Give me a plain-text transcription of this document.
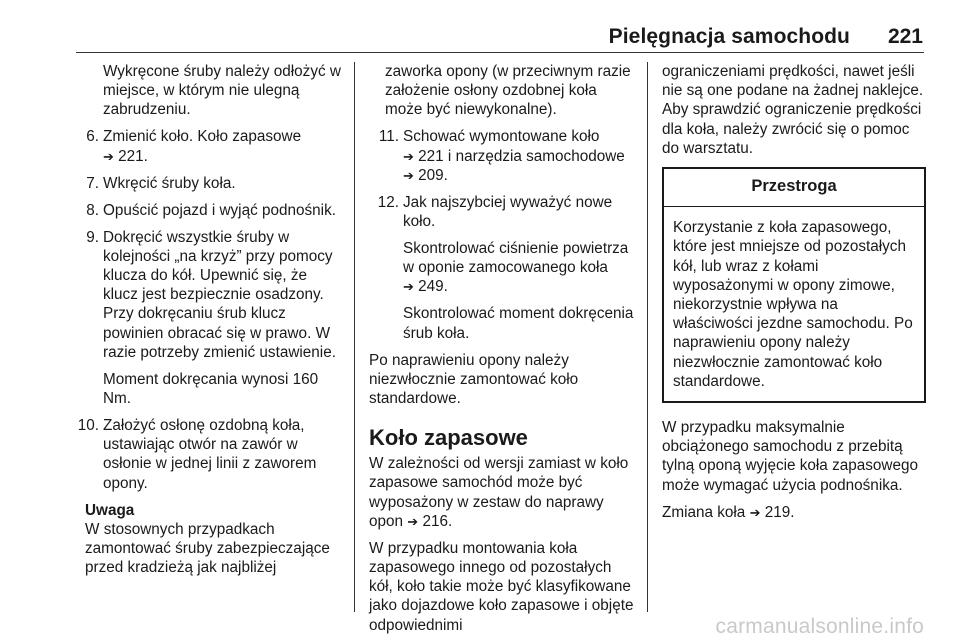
Pielęgnacja samochodu 221

Wykręcone śruby należy odłożyć w miejsce, w którym nie ulegną zabrudzeniu.

6. Zmienić koło. Koło zapasowe
➔ 221.
7. Wkręcić śruby koła.
8. Opuścić pojazd i wyjąć podnośnik.
9. Dokręcić wszystkie śruby w kolejności „na krzyż” przy pomocy klucza do kół. Upewnić się, że klucz jest bezpiecznie osadzony. Przy dokręcaniu śrub klucz powinien obracać się w prawo. W razie potrzeby zmienić ustawienie.

Moment dokręcania wynosi 160 Nm.

10. Założyć osłonę ozdobną koła, ustawiając otwór na zawór w osłonie w jednej linii z zaworem opony.

Uwaga

W stosownych przypadkach zamontować śruby zabezpieczające przed kradzieżą jak najbliżej

zaworka opony (w przeciwnym razie założenie osłony ozdobnej koła może być niewykonalne).

11. Schować wymontowane koło
➔ 221 i narzędzia samochodowe
➔ 209.
12. Jak najszybciej wyważyć nowe koło.

Skontrolować ciśnienie powietrza w oponie zamocowanego koła
➔ 249.

Skontrolować moment dokręcenia śrub koła.

Po naprawieniu opony należy niezwłocznie zamontować koło standardowe.

Koło zapasowe

W zależności od wersji zamiast w koło zapasowe samochód może być wyposażony w zestaw do naprawy opon ➔ 216.

W przypadku montowania koła zapasowego innego od pozostałych kół, koło takie może być klasyfikowane jako dojazdowe koło zapasowe i objęte odpowiednimi

ograniczeniami prędkości, nawet jeśli nie są one podane na żadnej naklejce. Aby sprawdzić ograniczenie prędkości dla koła, należy zwrócić się o pomoc do warsztatu.

Przestroga
Korzystanie z koła zapasowego, które jest mniejsze od pozostałych kół, lub wraz z kołami wyposażonymi w opony zimowe, niekorzystnie wpływa na właściwości jezdne samochodu. Po naprawieniu opony należy niezwłocznie zamontować koło standardowe.

W przypadku maksymalnie obciążonego samochodu z przebitą tylną oponą wyjęcie koła zapasowego może wymagać użycia podnośnika.

Zmiana koła ➔ 219.

carmanualsonline.info
